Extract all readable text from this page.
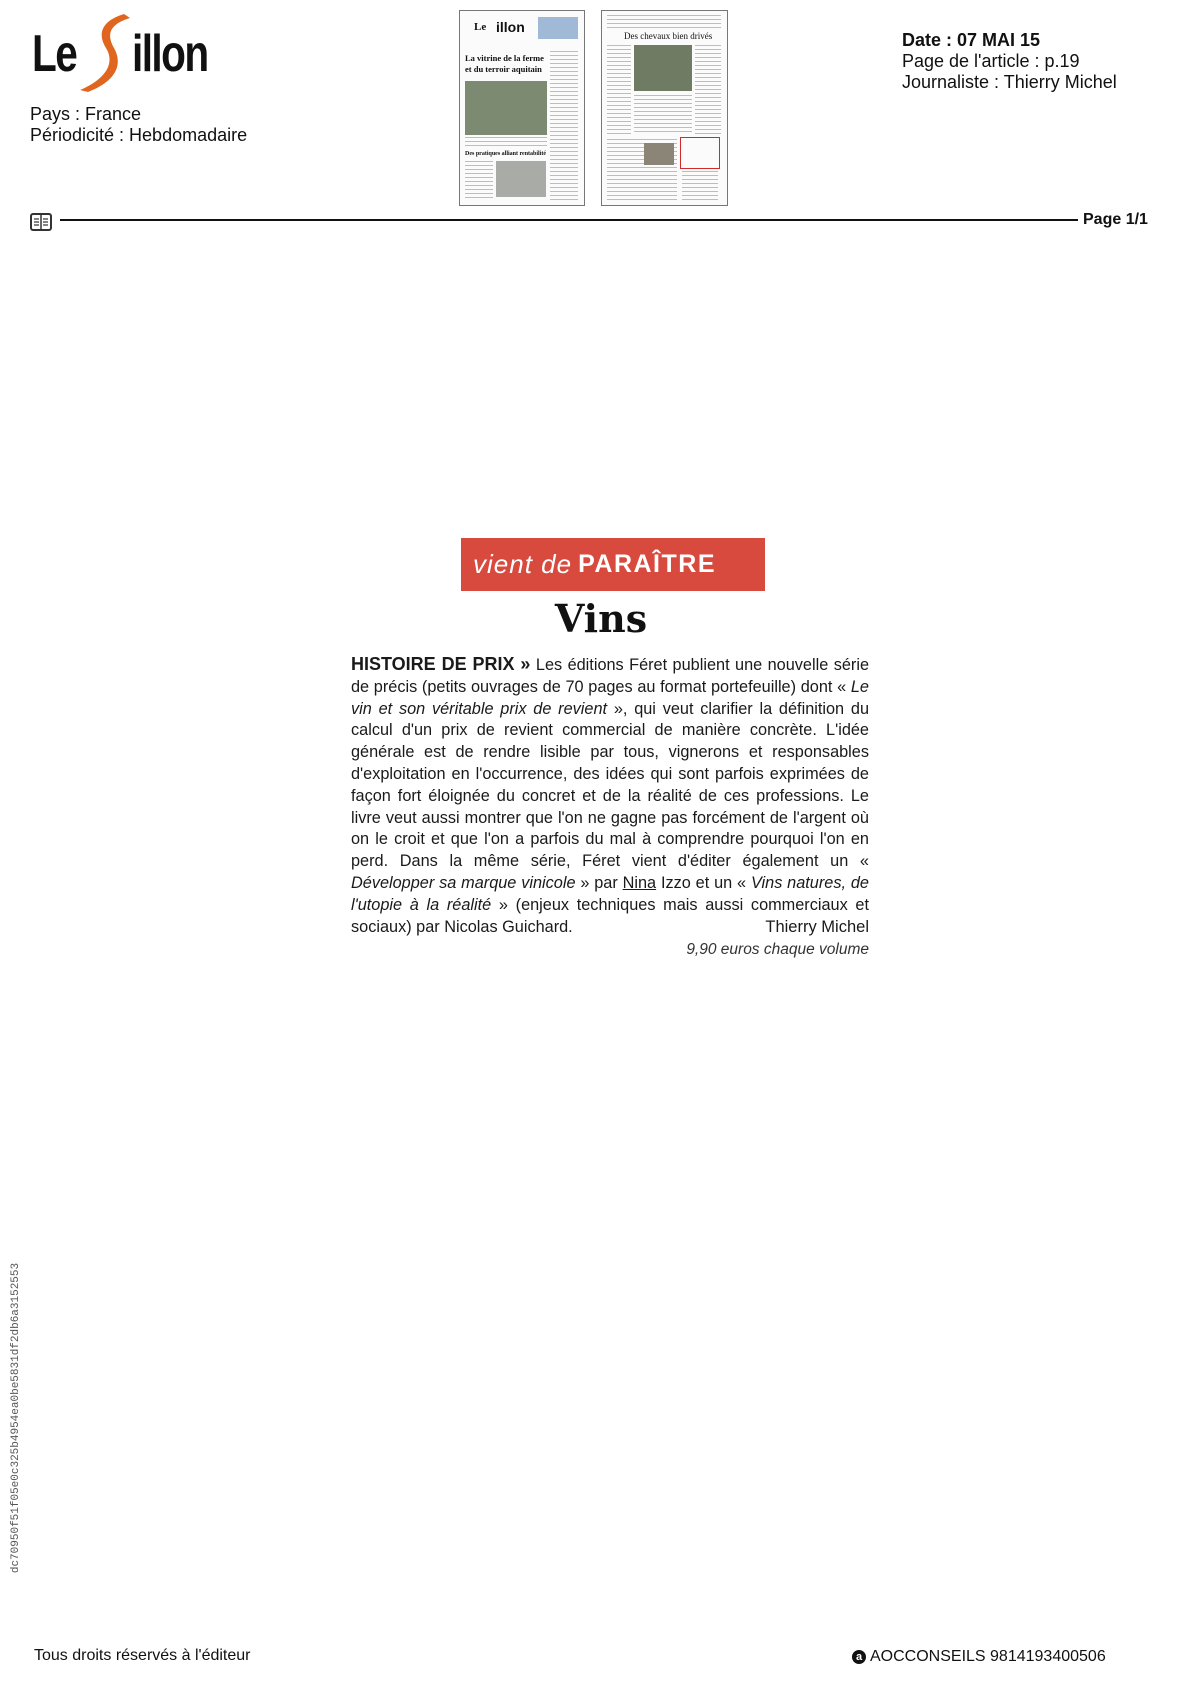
Le illon
Pays : France
Périodicité : Hebdomadaire
Date : 07 MAI 15
Page de l'article : p.19
Journaliste : Thierry Michel
Le illon
La vitrine de la ferme
et du terroir aquitain
Des pratiques alliant rentabilité
Des chevaux bien drivés
Page 1/1
vient de PARAÎTRE
Vins
HISTOIRE DE PRIX » Les éditions Féret publient une nouvelle série de précis (petits ouvrages de 70 pages au format portefeuille) dont « Le vin et son véritable prix de revient », qui veut clarifier la définition du calcul d'un prix de revient commercial de manière concrète. L'idée générale est de rendre lisible par tous, vignerons et responsables d'exploitation en l'occurrence, des idées qui sont parfois exprimées de façon fort éloignée du concret et de la réalité de ces professions. Le livre veut aussi montrer que l'on ne gagne pas forcément de l'argent où on le croit et que l'on a parfois du mal à comprendre pourquoi l'on en perd. Dans la même série, Féret vient d'éditer également un « Développer sa marque vinicole » par Nina Izzo et un « Vins natures, de l'utopie à la réalité » (enjeux techniques mais aussi commerciaux et sociaux) par Nicolas Guichard.	Thierry Michel
9,90 euros chaque volume
dc70950f51f05e0c325b4954ea0be5831df2db6a3152553
Tous droits réservés à l'éditeur	a AOCCONSEILS 9814193400506
